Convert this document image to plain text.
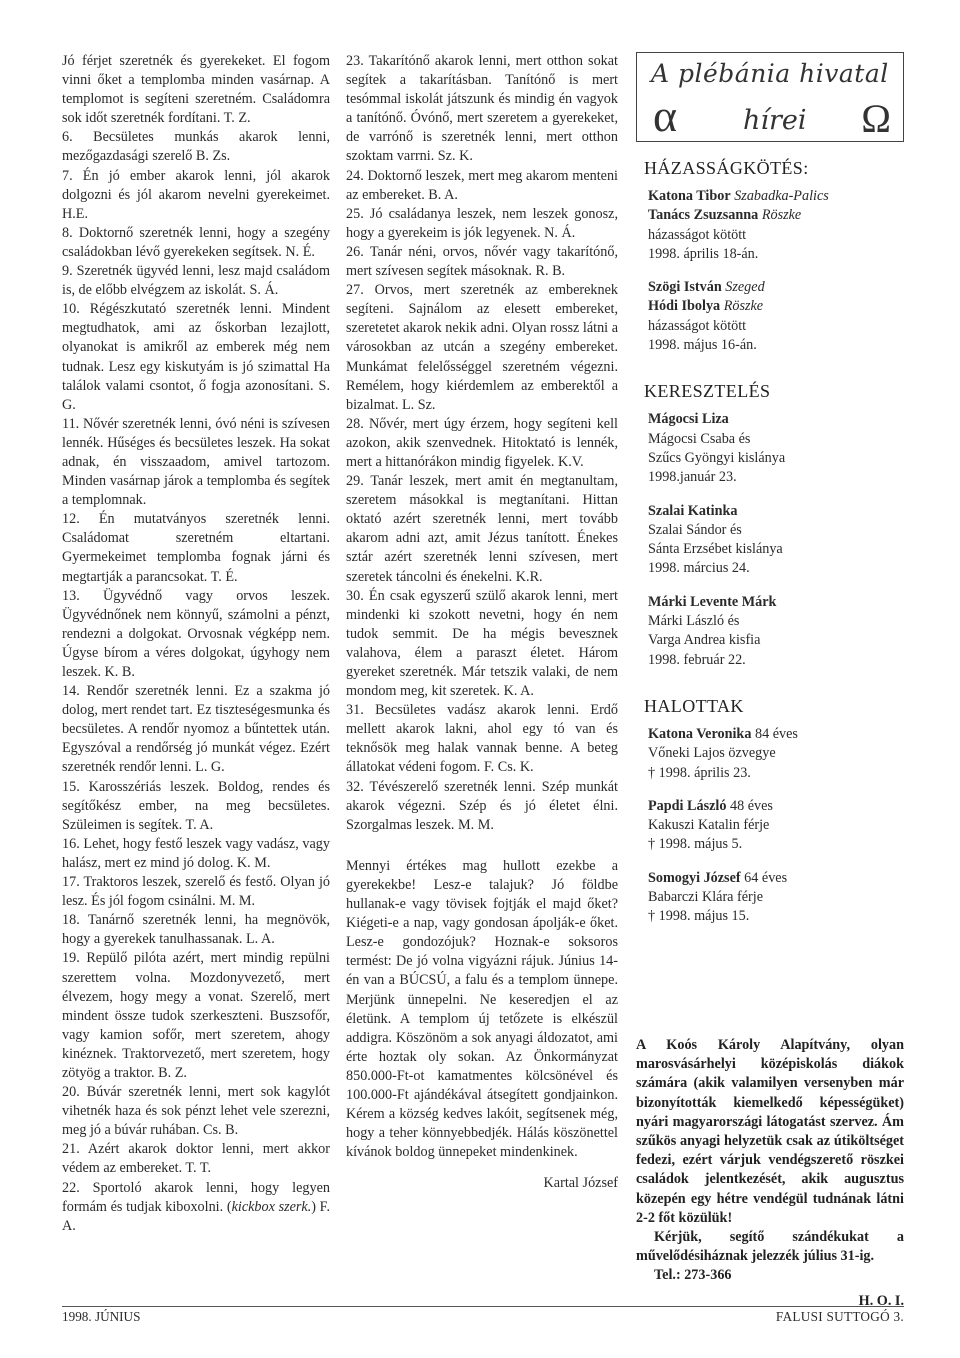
Jó férjet szeretnék és gyerekeket. El fogom vinni őket a templomba minden vasárnap. A templomot is segíteni szeretném. Családomra sok időt szeretnék fordítani. T. Z.

6. Becsületes munkás akarok lenni, mezőgazdasági szerelő B. Zs.

7. Én jó ember akarok lenni, jól akarok dolgozni és jól akarom nevelni gyerekeimet. H.E.

8. Doktornő szeretnék lenni, hogy a szegény családokban lévő gyerekeken segítsek. N. É.

9. Szeretnék ügyvéd lenni, lesz majd családom is, de előbb elvégzem az iskolát. S. Á.

10. Régészkutató szeretnék lenni. Mindent megtudhatok, ami az őskorban lezajlott, olyanokat is amikről az emberek még nem tudnak. Lesz egy kiskutyám is jó szimattal Ha találok valami csontot, ő fogja azonosítani. S. G.

11. Nővér szeretnék lenni, óvó néni is szívesen lennék. Hűséges és becsületes leszek. Ha sokat adnak, én visszaadom, amivel tartozom. Minden vasárnap járok a templomba és segítek a templomnak.

12. Én mutatványos szeretnék lenni. Családomat szeretném eltartani. Gyermekeimet templomba fognak járni és megtartják a parancsokat. T. É.

13. Ügyvédnő vagy orvos leszek. Ügyvédnőnek nem könnyű, számolni a pénzt, rendezni a dolgokat. Orvosnak végképp nem. Úgyse bírom a véres dolgokat, úgyhogy nem leszek. K. B.

14. Rendőr szeretnék lenni. Ez a szakma jó dolog, mert rendet tart. Ez tiszteségesmunka és becsületes. A rendőr nyomoz a bűntettek után. Egyszóval a rendőrség jó munkát végez. Ezért szeretnék rendőr lenni. L. G.

15. Karosszériás leszek. Boldog, rendes és segítőkész ember, na meg becsületes. Szüleimen is segítek. T. A.

16. Lehet, hogy festő leszek vagy vadász, vagy halász, mert ez mind jó dolog. K. M.

17. Traktoros leszek, szerelő és festő. Olyan jó lesz. És jól fogom csinálni. M. M.

18. Tanárnő szeretnék lenni, ha megnövök, hogy a gyerekek tanulhassanak. L. A.

19. Repülő pilóta azért, mert mindig repülni szerettem volna. Mozdonyvezető, mert élvezem, hogy megy a vonat. Szerelő, mert mindent össze tudok szerkeszteni. Buszsofőr, vagy kamion sofőr, mert szeretem, ahogy kinéznek. Traktorvezető, mert szeretem, hogy zötyög a traktor. B. Z.

20. Búvár szeretnék lenni, mert sok kagylót vihetnék haza és sok pénzt lehet vele szerezni, meg jó a búvár ruhában. Cs. B.

21. Azért akarok doktor lenni, mert akkor védem az embereket. T. T.

22. Sportoló akarok lenni, hogy legyen formám és tudjak kiboxolni. (kickbox szerk.) F. A.

23. Takarítónő akarok lenni, mert otthon sokat segítek a takarításban. Tanítónő is mert tesómmal iskolát játszunk és mindig én vagyok a tanítónő. Óvónő, mert szeretem a gyerekeket, de varrónő is szeretnék lenni, mert otthon szoktam varrni. Sz. K.

24. Doktornő leszek, mert meg akarom menteni az embereket. B. A.

25. Jó családanya leszek, nem leszek gonosz, hogy a gyerekeim is jók legyenek. N. Á.

26. Tanár néni, orvos, nővér vagy takarítónő, mert szívesen segítek másoknak. R. B.

27. Orvos, mert szeretnék az embereknek segíteni. Sajnálom az elesett embereket, szeretetet akarok nekik adni. Olyan rossz látni a városokban az utcán a szegény embereket. Munkámat felelősséggel szeretném végezni. Remélem, hogy kiérdemlem az emberektől a bizalmat. L. Sz.

28. Nővér, mert úgy érzem, hogy segíteni kell azokon, akik szenvednek. Hitoktató is lennék, mert a hittanórákon mindig figyelek. K.V.

29. Tanár leszek, mert amit én megtanultam, szeretem másokkal is megtanítani. Hittan oktató azért szeretnék lenni, mert tovább akarom adni azt, amit Jézus tanított. Énekes sztár azért szeretnék lenni szívesen, mert szeretek táncolni és énekelni. K.R.

30. Én csak egyszerű szülő akarok lenni, mert mindenki ki szokott nevetni, hogy én nem tudok semmit. De ha mégis bevesznek valahova, élem a paraszt életet. Három gyereket szeretnék. Már tetszik valaki, de nem mondom meg, kit szeretek. K. A.

31. Becsületes vadász akarok lenni. Erdő mellett akarok lakni, ahol egy tó van és teknősök meg halak vannak benne. A beteg állatokat védeni fogom. F. Cs. K.

32. Tévészerelő szeretnék lenni. Szép munkát akarok végezni. Szép és jó életet élni. Szorgalmas leszek. M. M.

Mennyi értékes mag hullott ezekbe a gyerekekbe! Lesz-e talajuk? Jó földbe hullanak-e vagy tövisek fojtják el majd őket? Kiégeti-e a nap, vagy gondosan ápolják-e őket. Lesz-e gondozójuk? Hoznak-e soksoros termést: De jó volna vigyázni rájuk. Június 14-én van a BÚCSÚ, a falu és a templom ünnepe. Merjünk ünnepelni. Ne keseredjen el az életünk. A templom új tetőzete is elkészül addigra. Köszönöm a sok anyagi áldozatot, ami érte hoztak oly sokan. Az Önkormányzat 850.000-Ft-ot kamatmentes kölcsönével és 100.000-Ft ajándékával átsegített gondjainkon. Kérem a község kedves lakóit, segítsenek még, hogy a teher könnyebbedjék. Hálás köszönettel kívánok boldog ünnepeket mindenkinek.

Kartal József

A plébánia hivatal
α hírei Ω
HÁZASSÁGKÖTÉS:
Katona Tibor Szabadka-Palics
Tanács Zsuzsanna Röszke
házasságot kötött
1998. április 18-án.
Szögi István Szeged
Hódi Ibolya Röszke
házasságot kötött
1998. május 16-án.
KERESZTELÉS
Mágocsi Liza
Mágocsi Csaba és
Szűcs Gyöngyi kislánya
1998.január 23.
Szalai Katinka
Szalai Sándor és
Sánta Erzsébet kislánya
1998. március 24.
Márki Levente Márk
Márki László és
Varga Andrea kisfia
1998. február 22.
HALOTTAK
Katona Veronika 84 éves
Vőneki Lajos özvegye
† 1998. április 23.
Papdi László 48 éves
Kakuszi Katalin férje
† 1998. május 5.
Somogyi József 64 éves
Babarczi Klára férje
† 1998. május 15.

A Koós Károly Alapítvány, olyan marosvásárhelyi középiskolás diákok számára (akik valamilyen versenyben már bizonyították kiemelkedő képességüket) nyári magyarországi látogatást szervez. Ám szűkös anyagi helyzetük csak az útiköltséget fedezi, ezért várjuk vendégszerető röszkei családok jelentkezését, akik augusztus közepén egy hétre vendégül tudnának látni 2-2 főt közülük!

Kérjük, segítő szándékukat a művelődésiháznak jelezzék július 31-ig.

Tel.: 273-366

H. O. I.

1998. JÚNIUS	FALUSI SUTTOGÓ 3.
